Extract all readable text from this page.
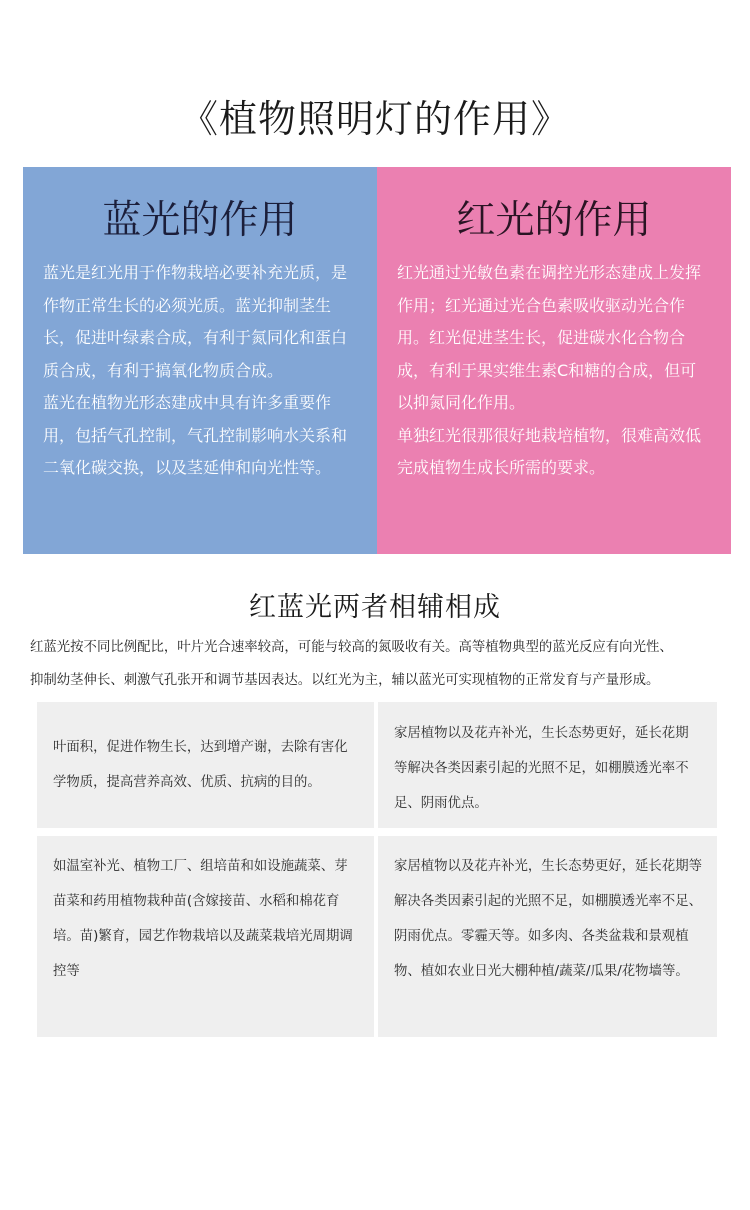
《植物照明灯的作用》
蓝光的作用

蓝光是红光用于作物栽培必要补充光质，是作物正常生长的必须光质。蓝光抑制茎生长，促进叶绿素合成，有利于氮同化和蛋白质合成，有利于搞氧化物质合成。

蓝光在植物光形态建成中具有许多重要作用，包括气孔控制，气孔控制影响水关系和二氧化碳交换，以及茎延伸和向光性等。

红光的作用

红光通过光敏色素在调控光形态建成上发挥作用；红光通过光合色素吸收驱动光合作用。红光促进茎生长，促进碳水化合物合成，有利于果实维生素C和糖的合成，但可以抑氮同化作用。

单独红光很那很好地栽培植物，很难高效低完成植物生成长所需的要求。

红蓝光两者相辅相成

红蓝光按不同比例配比，叶片光合速率较高，可能与较高的氮吸收有关。高等植物典型的蓝光反应有向光性、

抑制幼茎伸长、刺激气孔张开和调节基因表达。以红光为主，辅以蓝光可实现植物的正常发育与产量形成。

叶面积，促进作物生长，达到增产谢，去除有害化学物质，提高营养高效、优质、抗病的目的。
家居植物以及花卉补光，生长态势更好，延长花期等解决各类因素引起的光照不足，如棚膜透光率不足、阴雨优点。
如温室补光、植物工厂、组培苗和如设施蔬菜、芽苗菜和药用植物栽种苗(含嫁接苗、水稻和棉花育培。苗)繁育，园艺作物栽培以及蔬菜栽培光周期调控等
家居植物以及花卉补光，生长态势更好，延长花期等解决各类因素引起的光照不足，如棚膜透光率不足、阴雨优点。零霾天等。如多肉、各类盆栽和景观植物、植如农业日光大棚种植/蔬菜/瓜果/花物墙等。
